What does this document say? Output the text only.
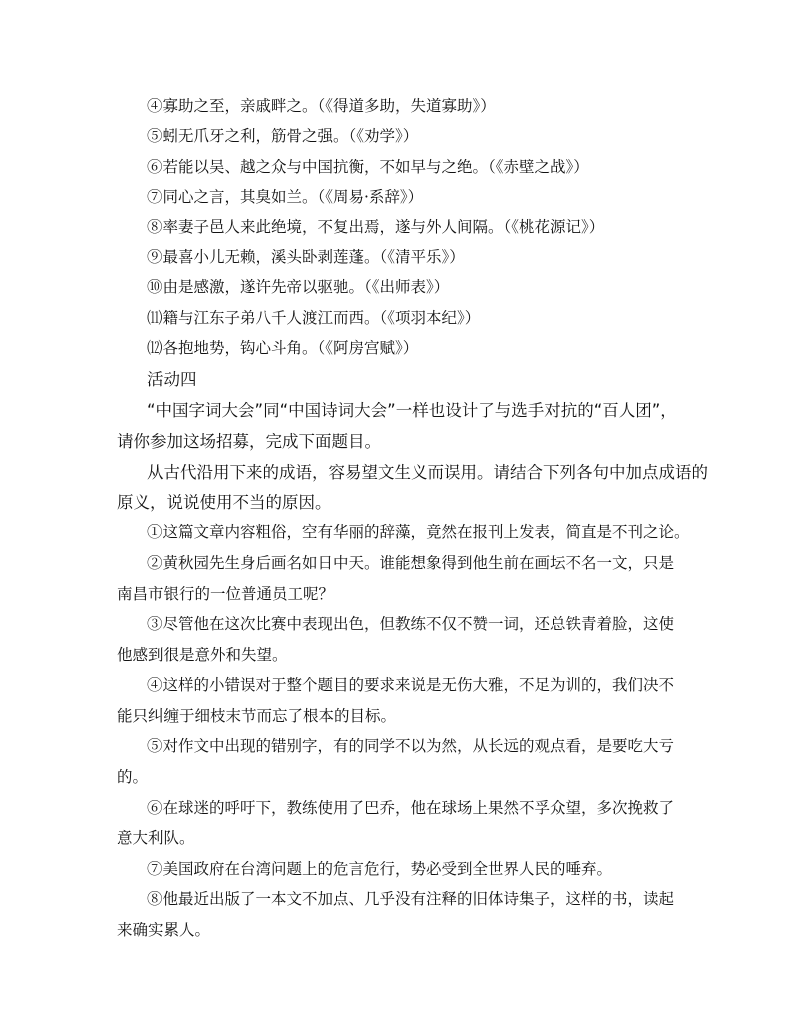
④寡助之至，亲戚畔之。（《得道多助，失道寡助》）
⑤蚓无爪牙之利，筋骨之强。（《劝学》）
⑥若能以吴、越之众与中国抗衡，不如早与之绝。（《赤壁之战》）
⑦同心之言，其臭如兰。（《周易·系辞》）
⑧率妻子邑人来此绝境，不复出焉，遂与外人间隔。（《桃花源记》）
⑨最喜小儿无赖，溪头卧剥莲蓬。（《清平乐》）
⑩由是感激，遂许先帝以驱驰。（《出师表》）
⑾籍与江东子弟八千人渡江而西。（《项羽本纪》）
⑿各抱地势，钩心斗角。（《阿房宫赋》）
活动四
“中国字词大会”同“中国诗词大会”一样也设计了与选手对抗的“百人团”，
请你参加这场招募，完成下面题目。
从古代沿用下来的成语，容易望文生义而误用。请结合下列各句中加点成语的
原义，说说使用不当的原因。
①这篇文章内容粗俗，空有华丽的辞藻，竟然在报刊上发表，简直是不刊之论。
②黄秋园先生身后画名如日中天。谁能想象得到他生前在画坛不名一文，只是
南昌市银行的一位普通员工呢？
③尽管他在这次比赛中表现出色，但教练不仅不赞一词，还总铁青着脸，这使
他感到很是意外和失望。
④这样的小错误对于整个题目的要求来说是无伤大雅，不足为训的，我们决不
能只纠缠于细枝末节而忘了根本的目标。
⑤对作文中出现的错别字，有的同学不以为然，从长远的观点看，是要吃大亏
的。
⑥在球迷的呼吁下，教练使用了巴乔，他在球场上果然不孚众望，多次挽救了
意大利队。
⑦美国政府在台湾问题上的危言危行，势必受到全世界人民的唾弃。
⑧他最近出版了一本文不加点、几乎没有注释的旧体诗集子，这样的书，读起
来确实累人。
